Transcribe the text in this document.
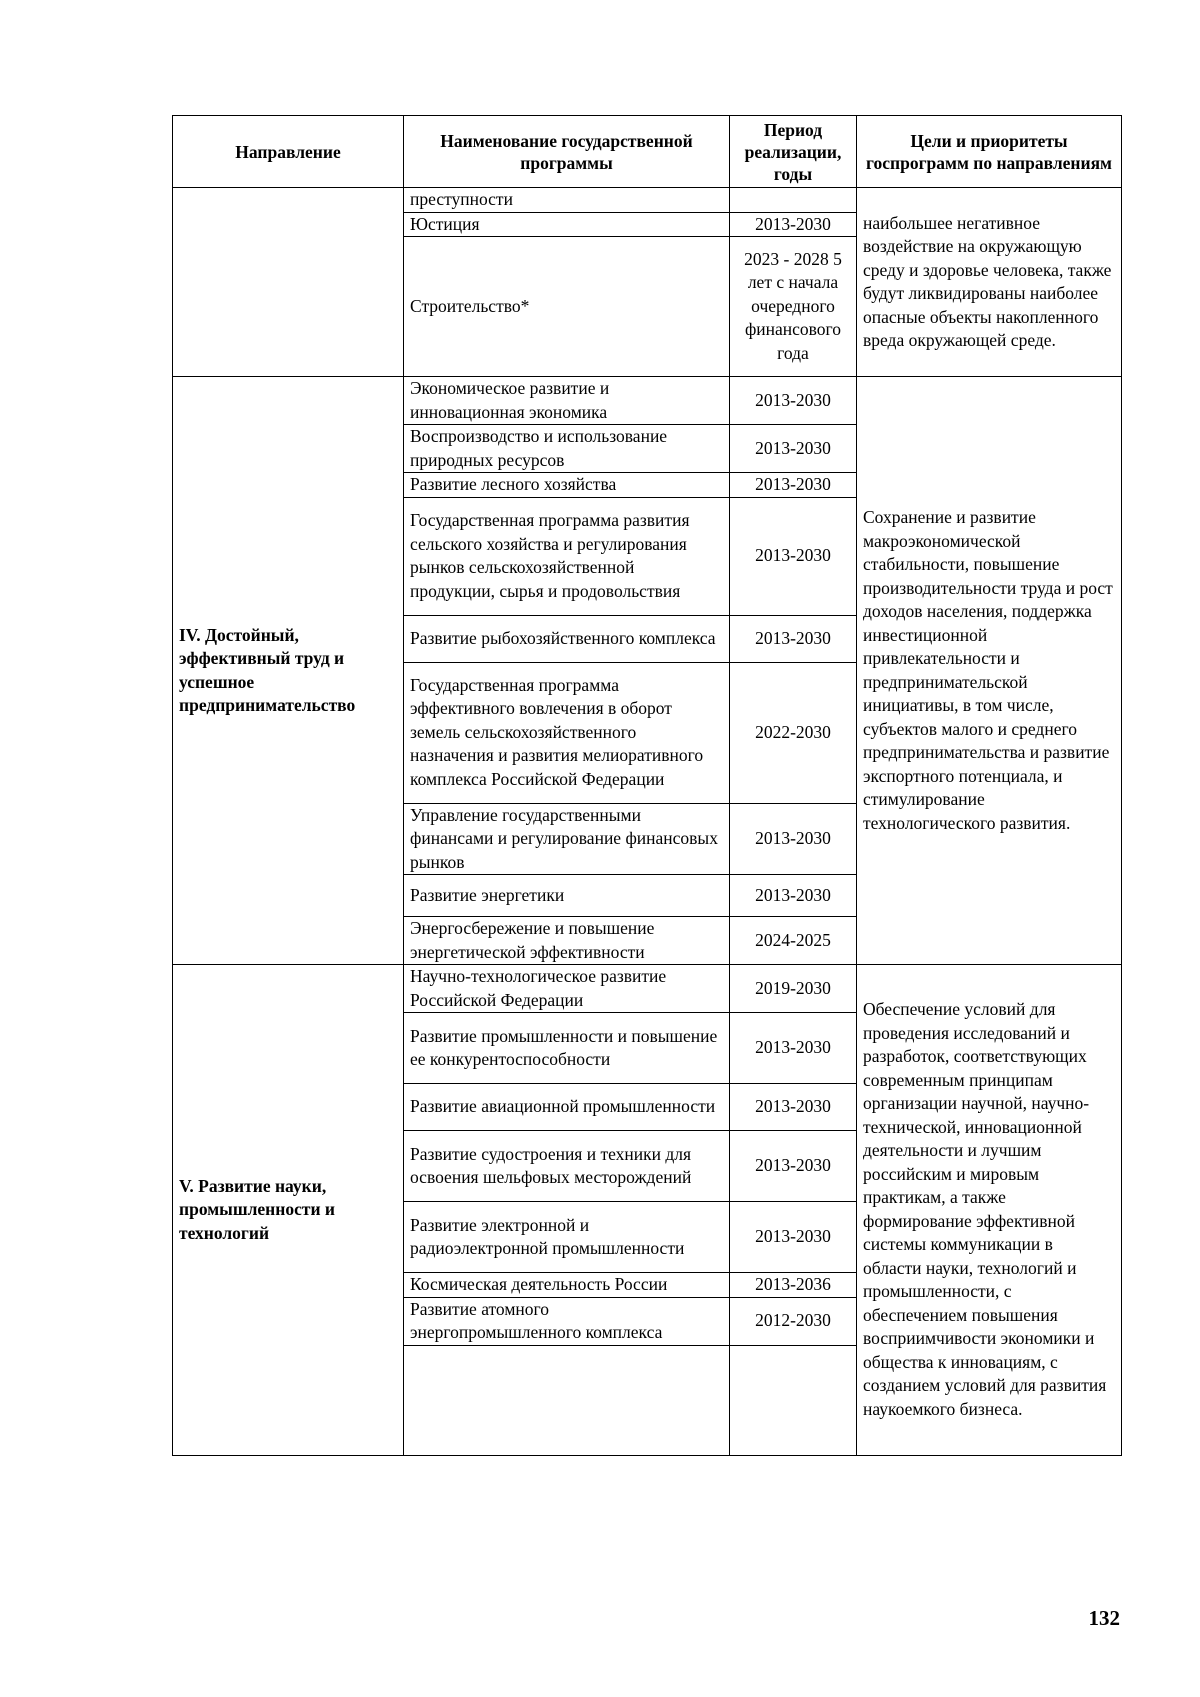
Направление	Наименование государственной программы	Период реализации, годы	Цели и приоритеты госпрограмм по направлениям
	преступности		наибольшее негативное воздействие на окружающую среду и здоровье человека, также будут ликвидированы наиболее опасные объекты накопленного вреда окружающей среде.
	Юстиция	2013-2030	
	Строительство*	2023 - 2028 5 лет с начала очередного финансового года	
IV. Достойный, эффективный труд и успешное предпринимательство	Экономическое развитие и инновационная экономика	2013-2030	Сохранение и развитие макроэкономической стабильности, повышение производительности труда и рост доходов населения, поддержка инвестиционной привлекательности и предпринимательской инициативы, в том числе, субъектов малого и среднего предпринимательства и развитие экспортного потенциала, и стимулирование технологического развития.
	Воспроизводство и использование природных ресурсов	2013-2030	
	Развитие лесного хозяйства	2013-2030	
	Государственная программа развития сельского хозяйства и регулирования рынков сельскохозяйственной продукции, сырья и продовольствия	2013-2030	
	Развитие рыбохозяйственного комплекса	2013-2030	
	Государственная программа эффективного вовлечения в оборот земель сельскохозяйственного назначения и развития мелиоративного комплекса Российской Федерации	2022-2030	
	Управление государственными финансами и регулирование финансовых рынков	2013-2030	
	Развитие энергетики	2013-2030	
	Энергосбережение и повышение энергетической эффективности	2024-2025	
V. Развитие науки, промышленности и технологий	Научно-технологическое развитие Российской Федерации	2019-2030	Обеспечение условий для проведения исследований и разработок, соответствующих современным принципам организации научной, научно-технической, инновационной деятельности и лучшим российским и мировым практикам, а также формирование эффективной системы коммуникации в области науки, технологий и промышленности, с обеспечением повышения восприимчивости экономики и общества к инновациям, с созданием условий для развития наукоемкого бизнеса.
	Развитие промышленности и повышение ее конкурентоспособности	2013-2030	
	Развитие авиационной промышленности	2013-2030	
	Развитие судостроения и техники для освоения шельфовых месторождений	2013-2030	
	Развитие электронной и радиоэлектронной промышленности	2013-2030	
	Космическая деятельность России	2013-2036	
	Развитие атомного энергопромышленного комплекса	2012-2030	

132
